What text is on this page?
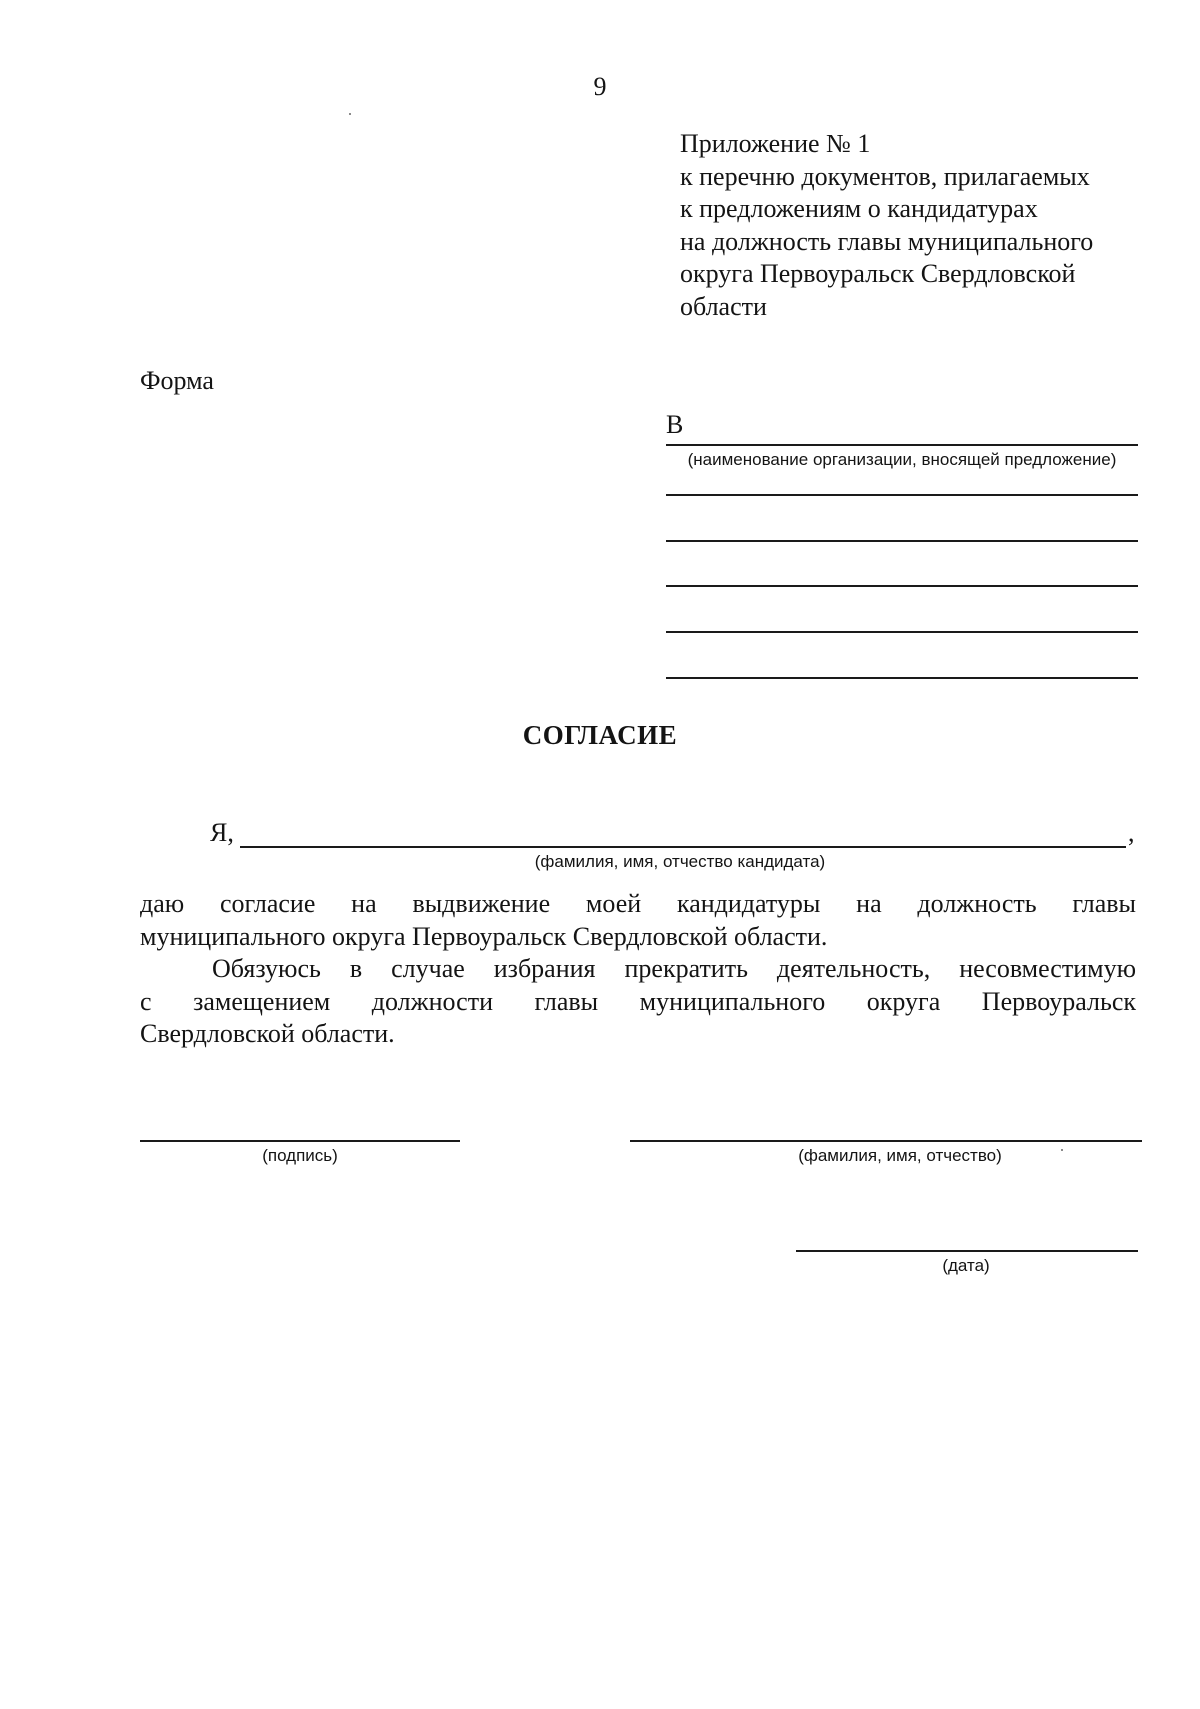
9
Приложение № 1
к перечню документов, прилагаемых
к предложениям о кандидатурах
на должность главы муниципального
округа Первоуральск Свердловской
области
Форма
В
(наименование организации, вносящей предложение)
СОГЛАСИЕ
Я,	,
(фамилия, имя, отчество кандидата)

даю согласие на выдвижение моей кандидатуры на должность главы

муниципального округа Первоуральск Свердловской области.

Обязуюсь в случае избрания прекратить деятельность, несовместимую

с замещением должности главы муниципального округа Первоуральск

Свердловской области.

(подпись)	(фамилия, имя, отчество)
(дата)
